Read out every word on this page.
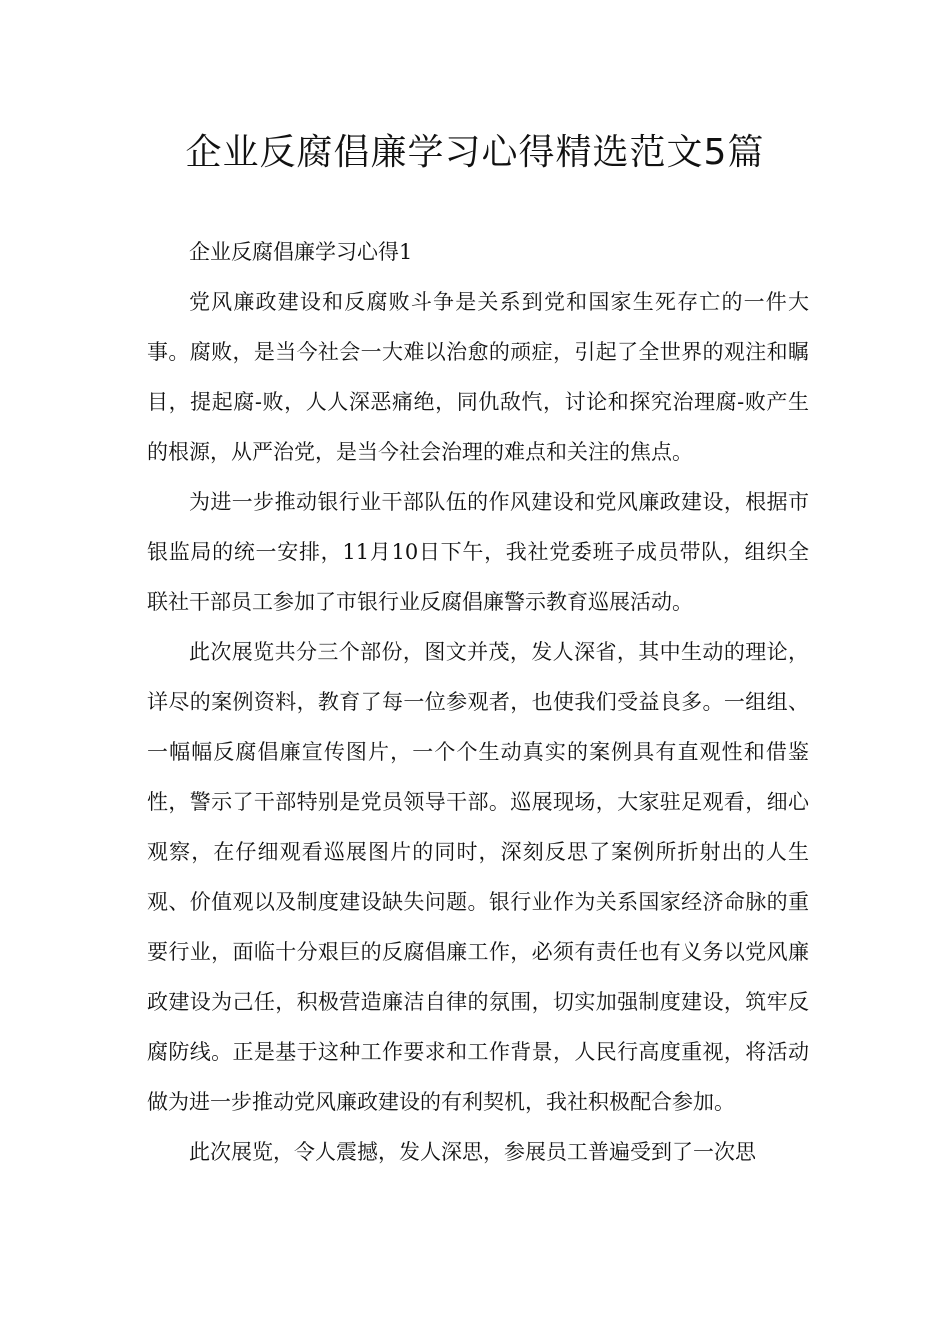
企业反腐倡廉学习心得精选范文5篇

企业反腐倡廉学习心得1

党风廉政建设和反腐败斗争是关系到党和国家生死存亡的一件大事。腐败，是当今社会一大难以治愈的顽症，引起了全世界的观注和瞩目，提起腐-败，人人深恶痛绝，同仇敌忾，讨论和探究治理腐-败产生的根源，从严治党，是当今社会治理的难点和关注的焦点。

为进一步推动银行业干部队伍的作风建设和党风廉政建设，根据市银监局的统一安排，11月10日下午，我社党委班子成员带队，组织全联社干部员工参加了市银行业反腐倡廉警示教育巡展活动。

此次展览共分三个部份，图文并茂，发人深省，其中生动的理论，详尽的案例资料，教育了每一位参观者，也使我们受益良多。一组组、一幅幅反腐倡廉宣传图片，一个个生动真实的案例具有直观性和借鉴性，警示了干部特别是党员领导干部。巡展现场，大家驻足观看，细心观察，在仔细观看巡展图片的同时，深刻反思了案例所折射出的人生观、价值观以及制度建设缺失问题。银行业作为关系国家经济命脉的重要行业，面临十分艰巨的反腐倡廉工作，必须有责任也有义务以党风廉政建设为己任，积极营造廉洁自律的氛围，切实加强制度建设，筑牢反腐防线。正是基于这种工作要求和工作背景，人民行高度重视，将活动做为进一步推动党风廉政建设的有利契机，我社积极配合参加。

此次展览，令人震撼，发人深思，参展员工普遍受到了一次思
